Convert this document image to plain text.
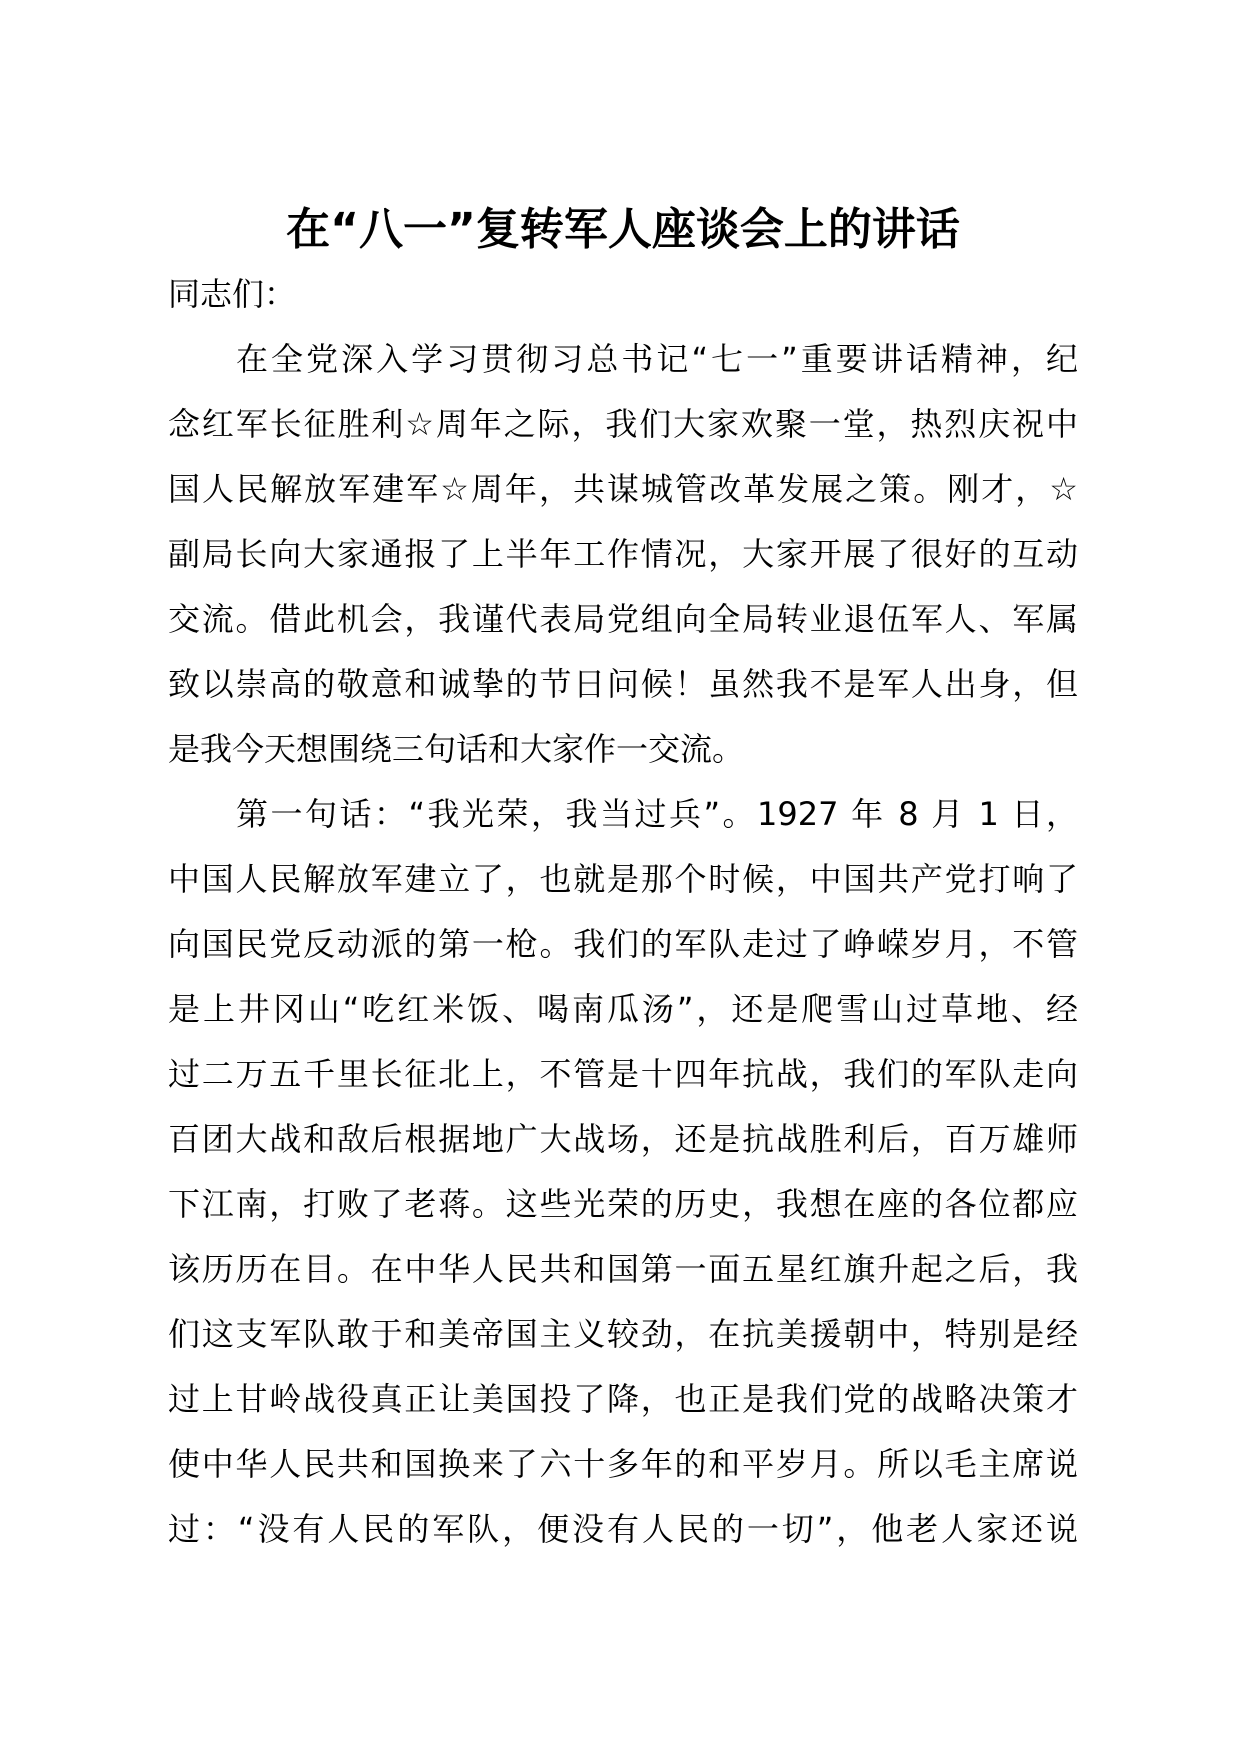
在“八一”复转军人座谈会上的讲话
同志们：

在全党深入学习贯彻习总书记“七一”重要讲话精神，纪
念红军长征胜利☆周年之际，我们大家欢聚一堂，热烈庆祝中
国人民解放军建军☆周年，共谋城管改革发展之策。刚才，☆
副局长向大家通报了上半年工作情况，大家开展了很好的互动
交流。借此机会，我谨代表局党组向全局转业退伍军人、军属
致以崇高的敬意和诚挚的节日问候！虽然我不是军人出身，但
是我今天想围绕三句话和大家作一交流。

第一句话：“我光荣，我当过兵”。1927 年 8 月 1 日，
中国人民解放军建立了，也就是那个时候，中国共产党打响了
向国民党反动派的第一枪。我们的军队走过了峥嵘岁月，不管
是上井冈山“吃红米饭、喝南瓜汤”，还是爬雪山过草地、经
过二万五千里长征北上，不管是十四年抗战，我们的军队走向
百团大战和敌后根据地广大战场，还是抗战胜利后，百万雄师
下江南，打败了老蒋。这些光荣的历史，我想在座的各位都应
该历历在目。在中华人民共和国第一面五星红旗升起之后，我
们这支军队敢于和美帝国主义较劲，在抗美援朝中，特别是经
过上甘岭战役真正让美国投了降，也正是我们党的战略决策才
使中华人民共和国换来了六十多年的和平岁月。所以毛主席说
过：“没有人民的军队，便没有人民的一切”，他老人家还说
